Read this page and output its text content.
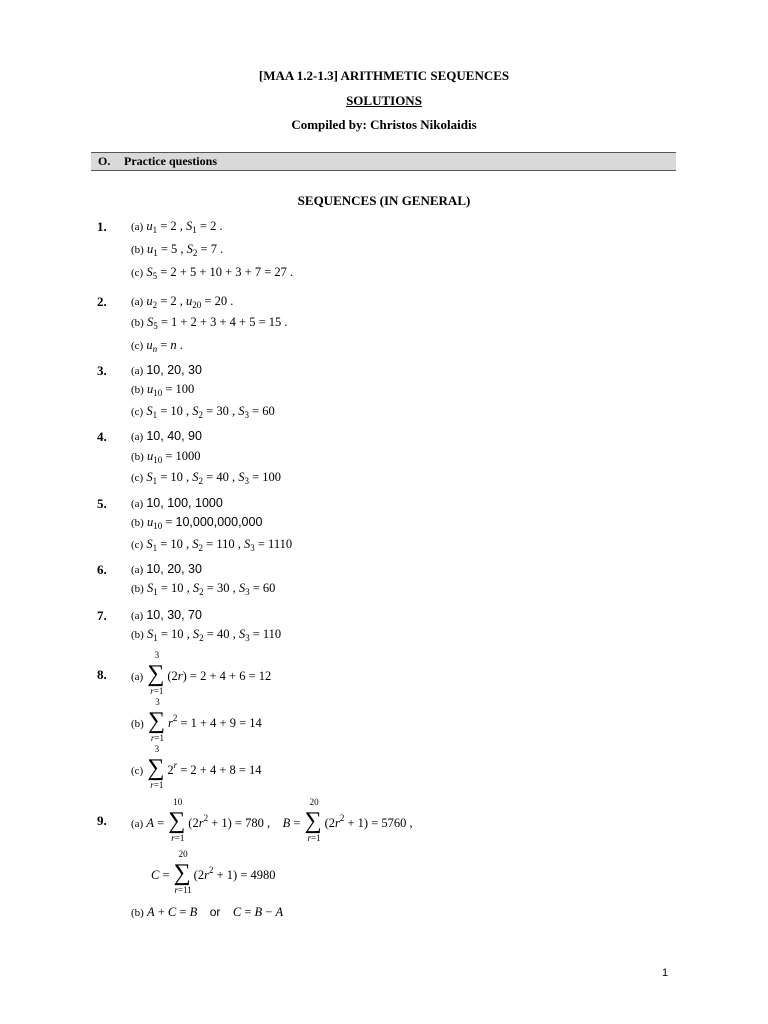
[MAA 1.2-1.3] ARITHMETIC SEQUENCES
SOLUTIONS
Compiled by: Christos Nikolaidis
O. Practice questions
SEQUENCES (IN GENERAL)
1.
2.
3.
4.
5.
6.
7.
8.
9.
(a) $u_1 = 2$ , $S_1 = 2$ .
(b) $u_1 = 5$ , $S_2 = 7$ .
(c) $S_5 = 2 + 5 + 10 + 3 + 7 = 27$ .
(a) $u_2 = 2$ , $u_{20} = 20$ .
(b) $S_5 = 1 + 2 + 3 + 4 + 5 = 15$ .
(c) $u_n = n$ .
(a) 10, 20, 30
(b) $u_{10} = 100$
(c) $S_1 = 10$ , $S_2 = 30$ , $S_3 = 60$
(a) 10, 40, 90
(b) $u_{10} = 1000$
(c) $S_1 = 10$ , $S_2 = 40$ , $S_3 = 100$
(a) 10, 100, 1000
(b) $u_{10} = 10,000,000,000$
(c) $S_1 = 10$ , $S_2 = 110$ , $S_3 = 1110$
(a) 10, 20, 30
(b) $S_1 = 10$ , $S_2 = 30$ , $S_3 = 60$
(a) 10, 30, 70
(b) $S_1 = 10$ , $S_2 = 40$ , $S_3 = 110$
(a)
3
∑
r=1
(2r) = 2 + 4 + 6 = 12
(b)
3
∑
r=1
$r^2 = 1 + 4 + 9 = 14$
(c)
3
∑
r=1
$2^r = 2 + 4 + 8 = 14$
(a) A =
10
∑
r=1
$(2r^2 + 1) = 780$ ,    B =
20
∑
r=1
$(2r^2 + 1) = 5760$ ,
C =
20
∑
r=11
$(2r^2 + 1) = 4980$
(b) A + C = B or C = B − A
1
